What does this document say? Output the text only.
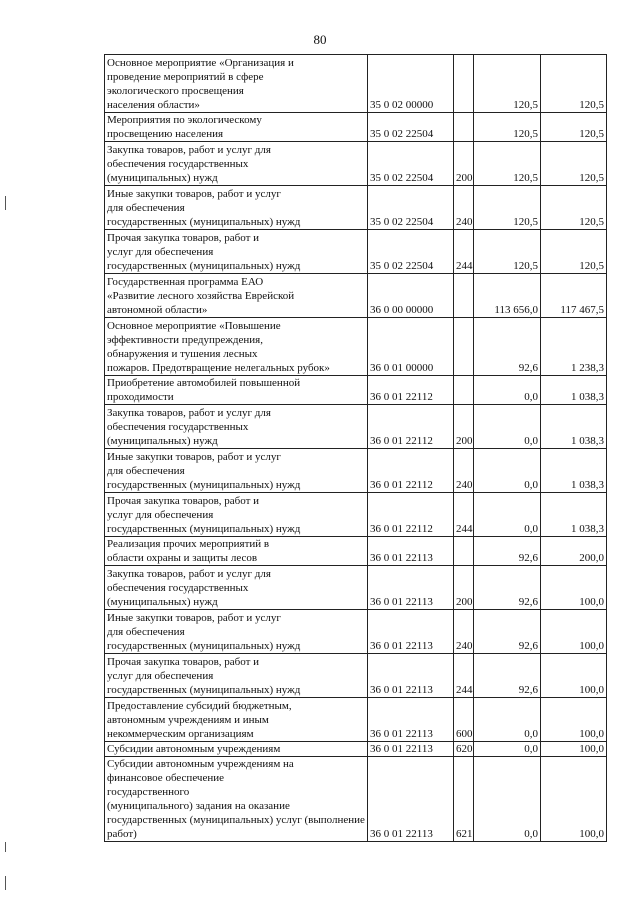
80
Основное мероприятие «Организация и
проведение мероприятий в сфере
экологического просвещения
населения области»	35 0 02 00000		120,5	120,5
Мероприятия по экологическому
просвещению населения	35 0 02 22504		120,5	120,5
Закупка товаров, работ и услуг для
обеспечения государственных
(муниципальных) нужд	35 0 02 22504	200	120,5	120,5
Иные закупки товаров, работ и услуг
для обеспечения
государственных (муниципальных) нужд	35 0 02 22504	240	120,5	120,5
Прочая закупка товаров, работ и
услуг для обеспечения
государственных (муниципальных) нужд	35 0 02 22504	244	120,5	120,5
Государственная программа ЕАО
«Развитие лесного хозяйства Еврейской
автономной области»	36 0 00 00000		113 656,0	117 467,5
Основное мероприятие «Повышение
эффективности предупреждения,
обнаружения и тушения лесных
пожаров. Предотвращение нелегальных рубок»	36 0 01 00000		92,6	1 238,3
Приобретение автомобилей повышенной
проходимости	36 0 01 22112		0,0	1 038,3
Закупка товаров, работ и услуг для
обеспечения государственных
(муниципальных) нужд	36 0 01 22112	200	0,0	1 038,3
Иные закупки товаров, работ и услуг
для обеспечения
государственных (муниципальных) нужд	36 0 01 22112	240	0,0	1 038,3
Прочая закупка товаров, работ и
услуг для обеспечения
государственных (муниципальных) нужд	36 0 01 22112	244	0,0	1 038,3
Реализация прочих мероприятий в
области охраны и защиты лесов	36 0 01 22113		92,6	200,0
Закупка товаров, работ и услуг для
обеспечения государственных
(муниципальных) нужд	36 0 01 22113	200	92,6	100,0
Иные закупки товаров, работ и услуг
для обеспечения
государственных (муниципальных) нужд	36 0 01 22113	240	92,6	100,0
Прочая закупка товаров, работ и
услуг для обеспечения
государственных (муниципальных) нужд	36 0 01 22113	244	92,6	100,0
Предоставление субсидий бюджетным,
автономным учреждениям и иным
некоммерческим организациям	36 0 01 22113	600	0,0	100,0
Субсидии автономным учреждениям	36 0 01 22113	620	0,0	100,0
Субсидии автономным учреждениям на
финансовое обеспечение
государственного
(муниципального) задания на оказание
государственных (муниципальных) услуг (выполнение работ)	36 0 01 22113	621	0,0	100,0
